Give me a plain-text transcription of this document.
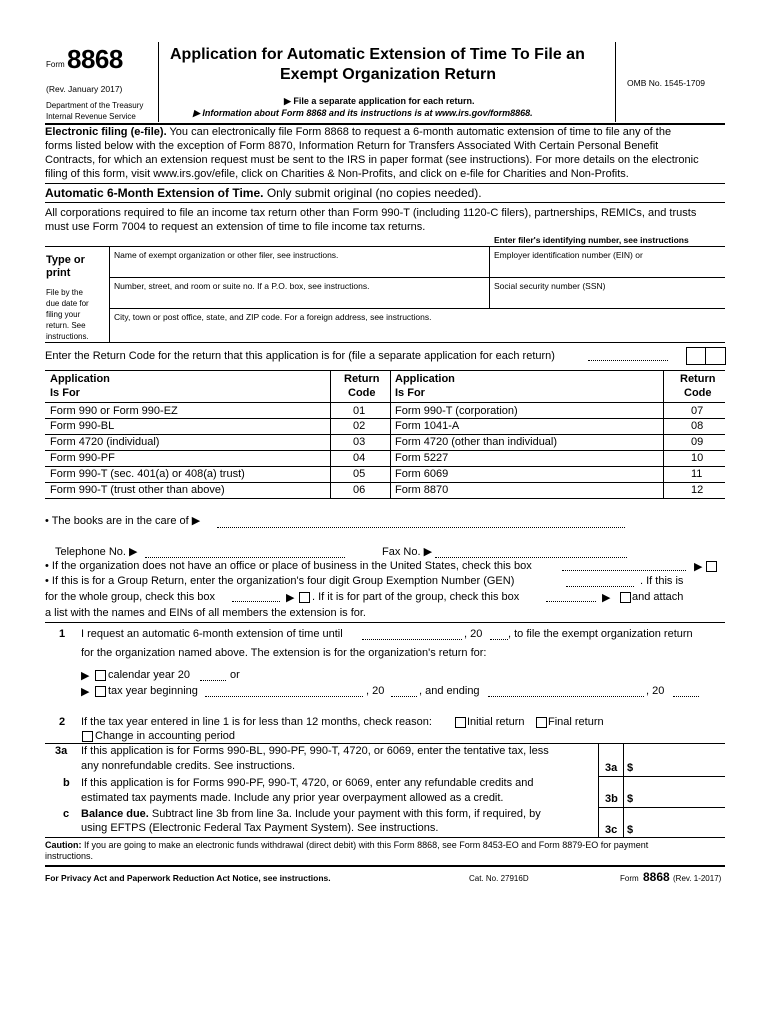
Form 8868
(Rev. January 2017)
Department of the Treasury
Internal Revenue Service
Application for Automatic Extension of Time To File an
Exempt Organization Return
▶ File a separate application for each return.
▶ Information about Form 8868 and its instructions is at www.irs.gov/form8868.
OMB No. 1545-1709
Electronic filing (e-file). You can electronically file Form 8868 to request a 6-month automatic extension of time to file any of the
forms listed below with the exception of Form 8870, Information Return for Transfers Associated With Certain Personal Benefit
Contracts, for which an extension request must be sent to the IRS in paper format (see instructions). For more details on the electronic
filing of this form, visit www.irs.gov/efile, click on Charities & Non-Profits, and click on e-file for Charities and Non-Profits.
Automatic 6-Month Extension of Time. Only submit original (no copies needed).
All corporations required to file an income tax return other than Form 990-T (including 1120-C filers), partnerships, REMICs, and trusts
must use Form 7004 to request an extension of time to file income tax returns.
Enter filer's identifying number, see instructions
Type or
print
File by the
due date for
filing your
return. See
instructions.
Name of exempt organization or other filer, see instructions.	Employer identification number (EIN) or
Number, street, and room or suite no. If a P.O. box, see instructions.	Social security number (SSN)
City, town or post office, state, and ZIP code. For a foreign address, see instructions.
Enter the Return Code for the return that this application is for (file a separate application for each return)
Application
Is For
Return
Code
Application
Is For
Return
Code
Form 990 or Form 990-EZ	01	Form 990-T (corporation)	07
Form 990-BL	02	Form 1041-A	08
Form 4720 (individual)	03	Form 4720 (other than individual)	09
Form 990-PF	04	Form 5227	10
Form 990-T (sec. 401(a) or 408(a) trust)	05	Form 6069	11
Form 990-T (trust other than above)	06	Form 8870	12
• The books are in the care of ▶
Telephone No. ▶	Fax No. ▶
• If the organization does not have an office or place of business in the United States, check this box	▶
• If this is for a Group Return, enter the organization's four digit Group Exemption Number (GEN)	. If this is
for the whole group, check this box	▶ . If it is for part of the group, check this box	▶ and attach
a list with the names and EINs of all members the extension is for.
1 I request an automatic 6-month extension of time until	, 20 , to file the exempt organization return
for the organization named above. The extension is for the organization's return for:
▶ calendar year 20	or
▶ tax year beginning	, 20	, and ending	, 20
2 If the tax year entered in line 1 is for less than 12 months, check reason:	Initial return Final return
Change in accounting period
3a If this application is for Forms 990-BL, 990-PF, 990-T, 4720, or 6069, enter the tentative tax, less
any nonrefundable credits. See instructions.	3a $
b If this application is for Forms 990-PF, 990-T, 4720, or 6069, enter any refundable credits and
estimated tax payments made. Include any prior year overpayment allowed as a credit.	3b $
c Balance due. Subtract line 3b from line 3a. Include your payment with this form, if required, by
using EFTPS (Electronic Federal Tax Payment System). See instructions.	3c $
Caution: If you are going to make an electronic funds withdrawal (direct debit) with this Form 8868, see Form 8453-EO and Form 8879-EO for payment
instructions.
For Privacy Act and Paperwork Reduction Act Notice, see instructions.	Cat. No. 27916D	Form 8868 (Rev. 1-2017)
